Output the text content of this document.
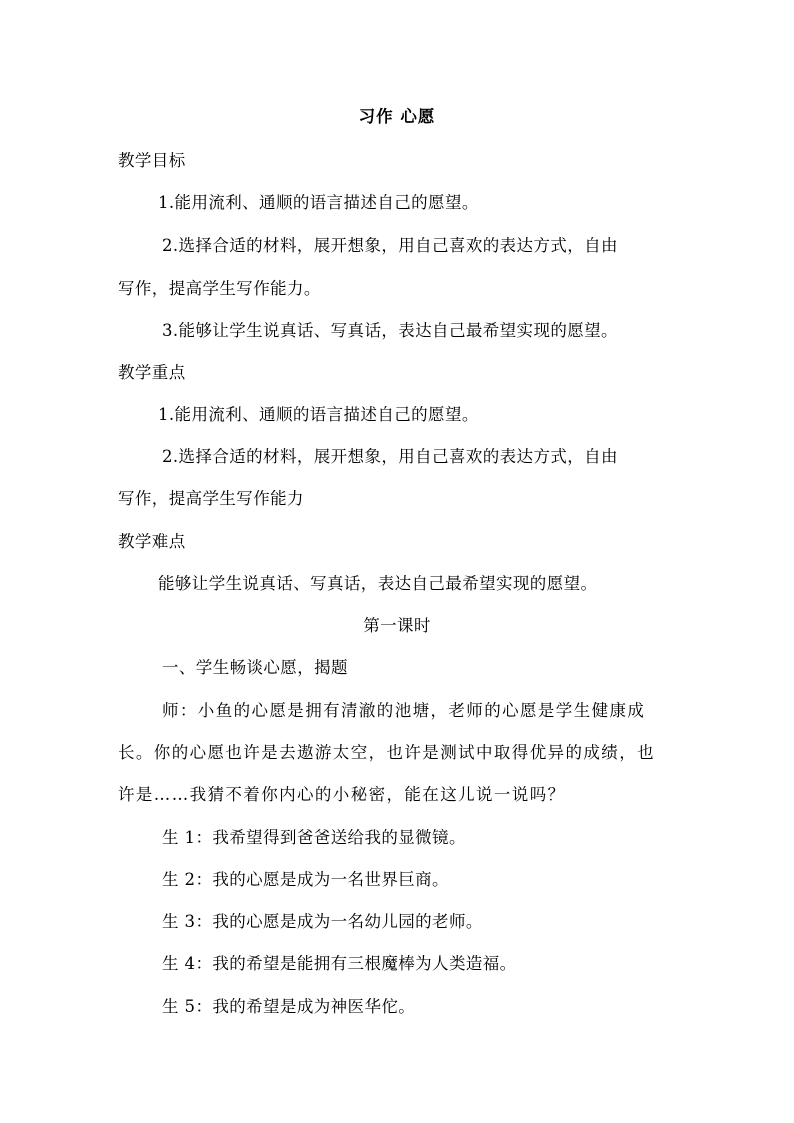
习作 心愿
教学目标
1.能用流利、通顺的语言描述自己的愿望。
2.选择合适的材料，展开想象，用自己喜欢的表达方式，自由
写作，提高学生写作能力。
3.能够让学生说真话、写真话，表达自己最希望实现的愿望。
教学重点
1.能用流利、通顺的语言描述自己的愿望。
2.选择合适的材料，展开想象，用自己喜欢的表达方式，自由
写作，提高学生写作能力
教学难点
能够让学生说真话、写真话，表达自己最希望实现的愿望。
第一课时
一、学生畅谈心愿，揭题
师：小鱼的心愿是拥有清澈的池塘，老师的心愿是学生健康成
长。你的心愿也许是去遨游太空，也许是测试中取得优异的成绩，也
许是……我猜不着你内心的小秘密，能在这儿说一说吗？
生 1：我希望得到爸爸送给我的显微镜。
生 2：我的心愿是成为一名世界巨商。
生 3：我的心愿是成为一名幼儿园的老师。
生 4：我的希望是能拥有三根魔棒为人类造福。
生 5：我的希望是成为神医华佗。
